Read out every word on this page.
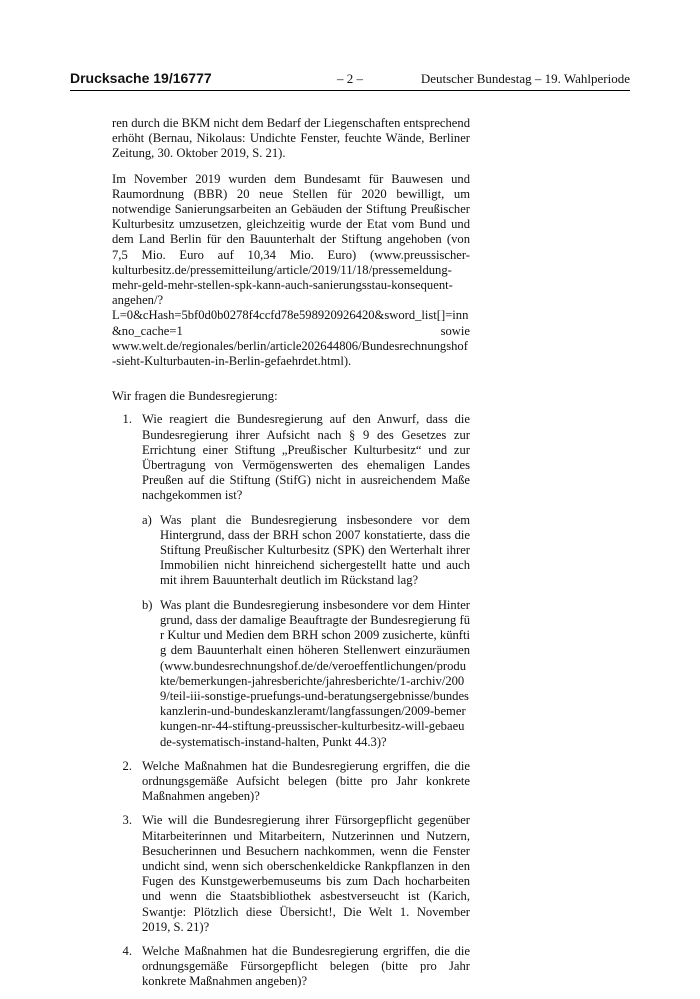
Drucksache 19/16777	– 2 –	Deutscher Bundestag – 19. Wahlperiode

ren durch die BKM nicht dem Bedarf der Liegenschaften entsprechend erhöht (Bernau, Nikolaus: Undichte Fenster, feuchte Wände, Berliner Zeitung, 30. Oktober 2019, S. 21).

Im November 2019 wurden dem Bundesamt für Bauwesen und Raumordnung (BBR) 20 neue Stellen für 2020 bewilligt, um notwendige Sanierungsarbeiten an Gebäuden der Stiftung Preußischer Kulturbesitz umzusetzen, gleichzeitig wurde der Etat vom Bund und dem Land Berlin für den Bauunterhalt der Stiftung angehoben (von 7,5 Mio. Euro auf 10,34 Mio. Euro) (www.preussischer-kulturbesitz.de/pressemitteilung/article/2019/11/18/pressemeldung-mehr-geld-mehr-stellen-spk-kann-auch-sanierungsstau-konsequent-angehen/?L=0&cHash=5bf0d0b0278f4ccfd78e598920926420&sword_list[]=inn&no_cache=1 sowie www.welt.de/regionales/berlin/article202644806/Bundesrechnungshof-sieht-Kulturbauten-in-Berlin-gefaehrdet.html).

Wir fragen die Bundesregierung:

1. Wie reagiert die Bundesregierung auf den Anwurf, dass die Bundesregierung ihrer Aufsicht nach § 9 des Gesetzes zur Errichtung einer Stiftung „Preußischer Kulturbesitz“ und zur Übertragung von Vermögenswerten des ehemaligen Landes Preußen auf die Stiftung (StifG) nicht in ausreichendem Maße nachgekommen ist?
a) Was plant die Bundesregierung insbesondere vor dem Hintergrund, dass der BRH schon 2007 konstatierte, dass die Stiftung Preußischer Kulturbesitz (SPK) den Werterhalt ihrer Immobilien nicht hinreichend sichergestellt hatte und auch mit ihrem Bauunterhalt deutlich im Rückstand lag?
b) Was plant die Bundesregierung insbesondere vor dem Hintergrund, dass der damalige Beauftragte der Bundesregierung für Kultur und Medien dem BRH schon 2009 zusicherte, künftig dem Bauunterhalt einen höheren Stellenwert einzuräumen (www.bundesrechnungshof.de/de/veroeffentlichungen/produkte/bemerkungen-jahresberichte/jahresberichte/1-archiv/2009/teil-iii-sonstige-pruefungs-und-beratungsergebnisse/bundeskanzlerin-und-bundeskanzleramt/langfassungen/2009-bemerkungen-nr-44-stiftung-preussischer-kulturbesitz-will-gebaeude-systematisch-instand-halten, Punkt 44.3)?
2. Welche Maßnahmen hat die Bundesregierung ergriffen, die die ordnungsgemäße Aufsicht belegen (bitte pro Jahr konkrete Maßnahmen angeben)?
3. Wie will die Bundesregierung ihrer Fürsorgepflicht gegenüber Mitarbeiterinnen und Mitarbeitern, Nutzerinnen und Nutzern, Besucherinnen und Besuchern nachkommen, wenn die Fenster undicht sind, wenn sich oberschenkeldicke Rankpflanzen in den Fugen des Kunstgewerbemuseums bis zum Dach hocharbeiten und wenn die Staatsbibliothek asbestverseucht ist (Karich, Swantje: Plötzlich diese Übersicht!, Die Welt 1. November 2019, S. 21)?
4. Welche Maßnahmen hat die Bundesregierung ergriffen, die die ordnungsgemäße Fürsorgepflicht belegen (bitte pro Jahr konkrete Maßnahmen angeben)?
